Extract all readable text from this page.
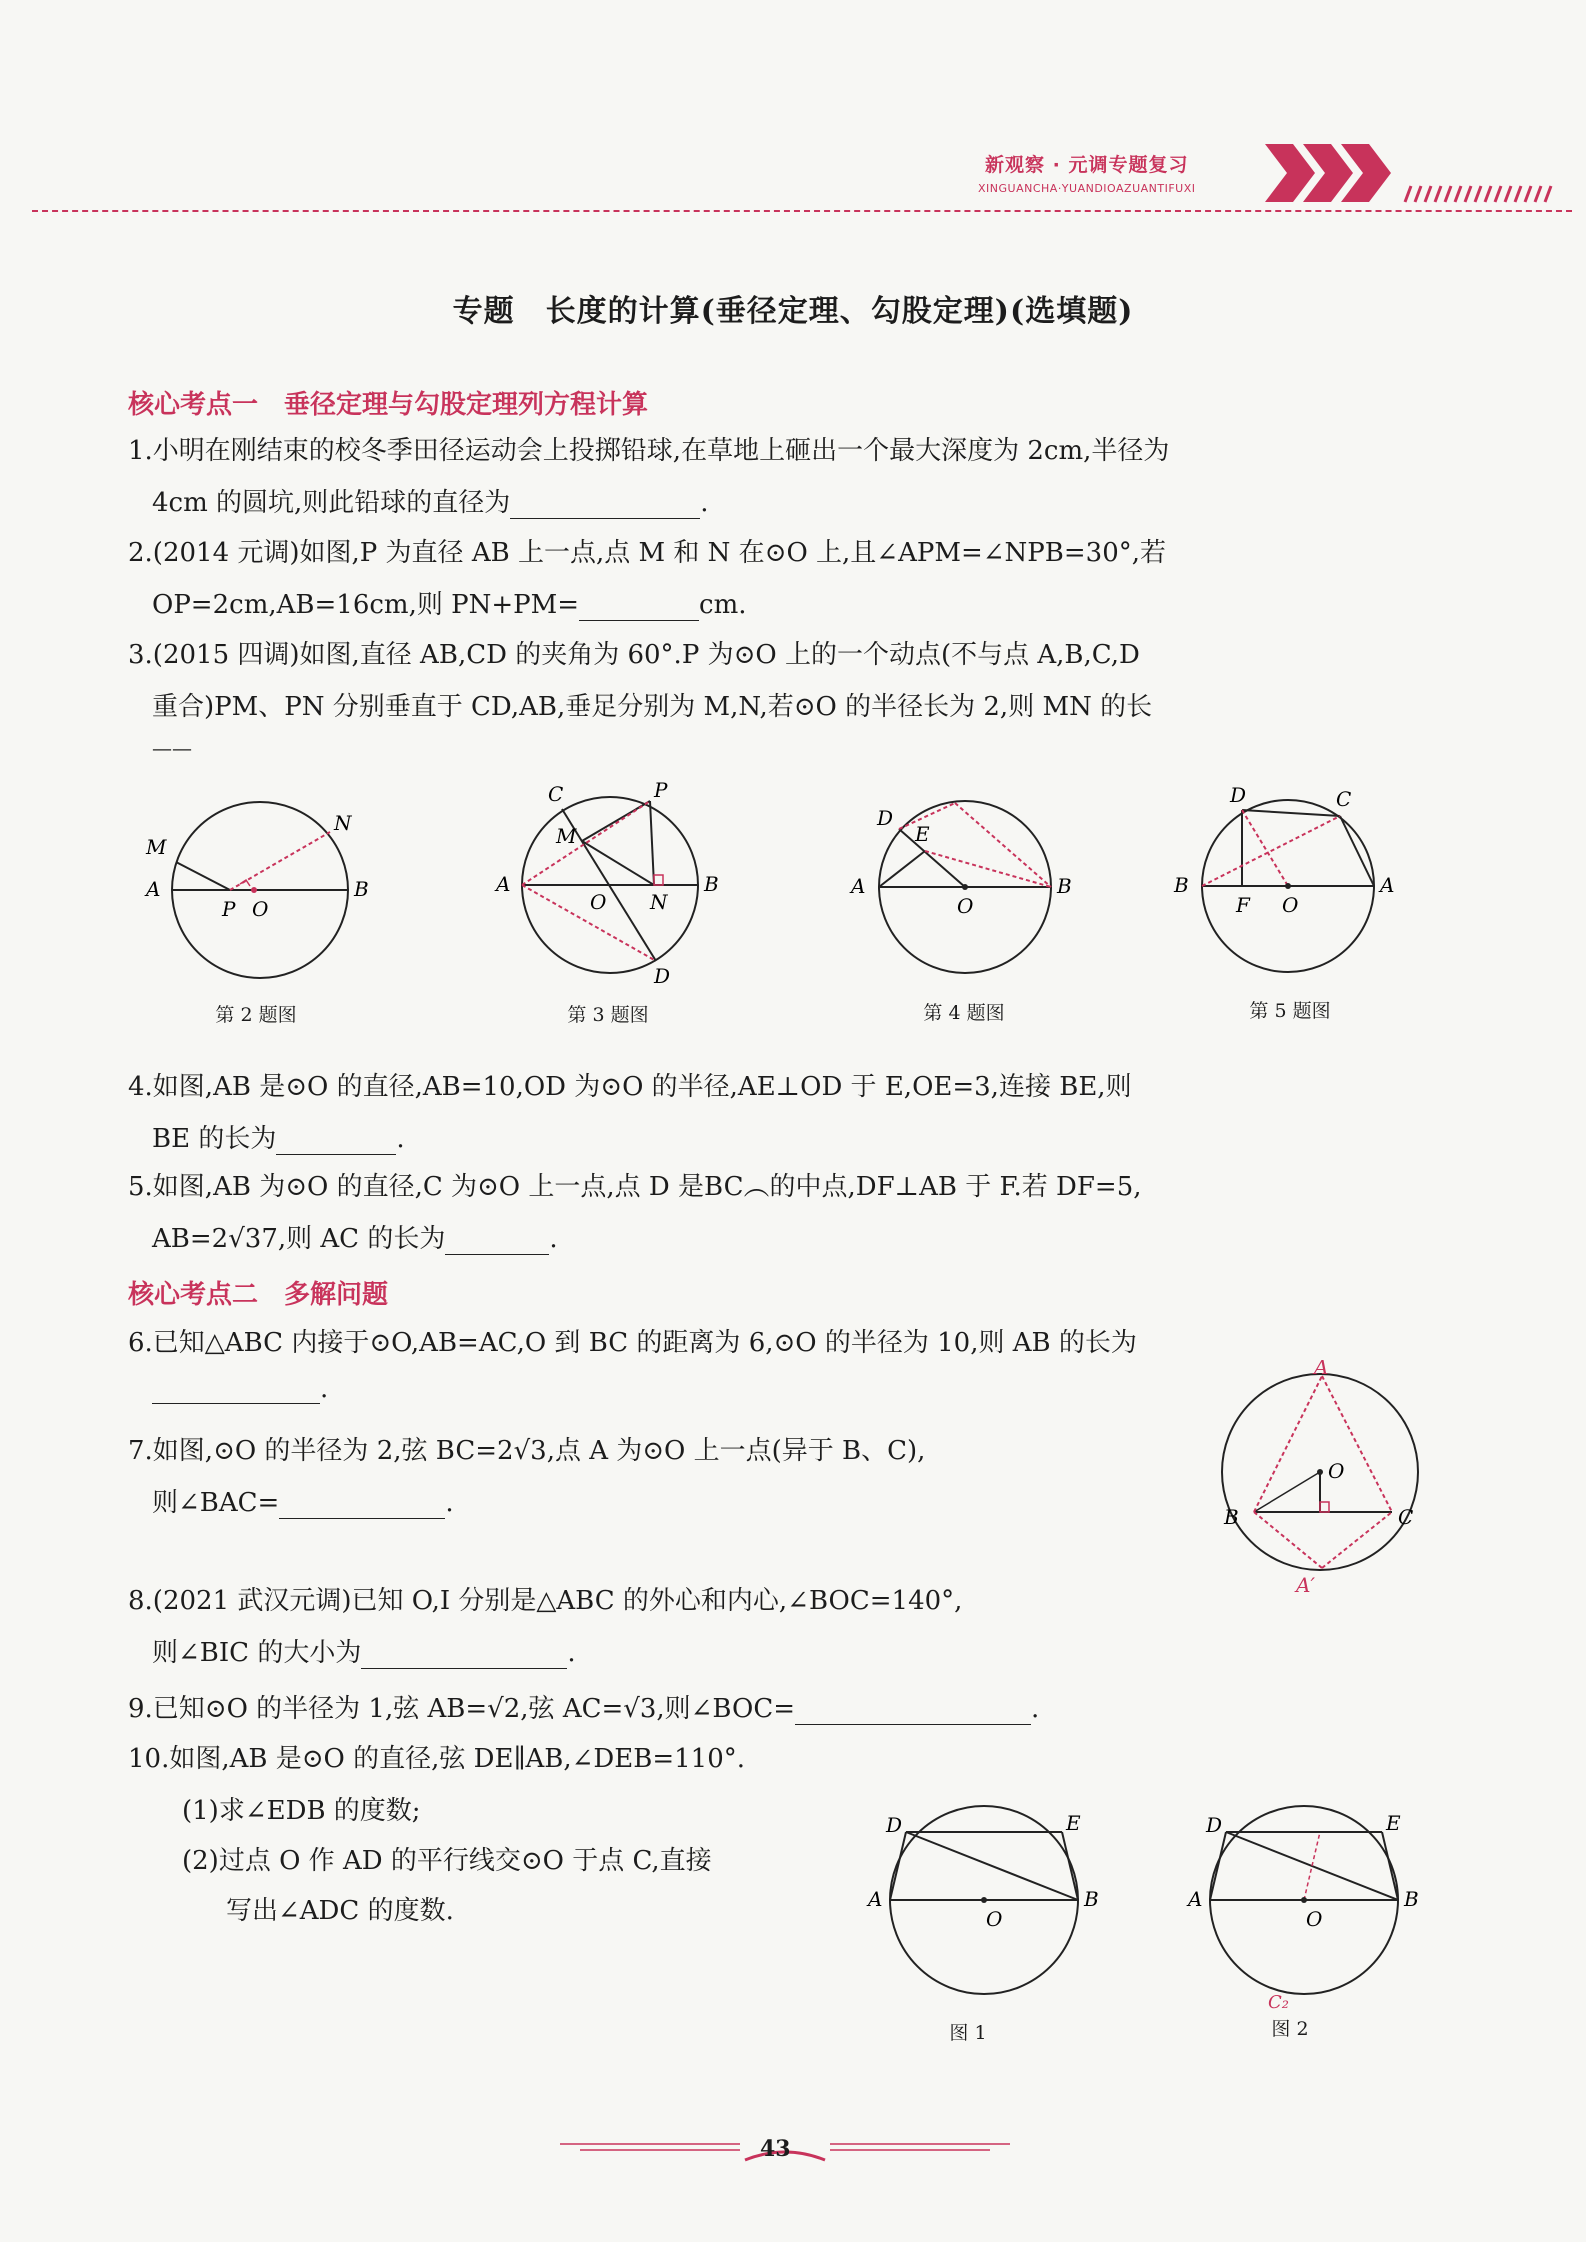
新观察 · 元调专题复习
XINGUANCHA·YUANDIOAZUANTIFUXI
专题　长度的计算(垂径定理、勾股定理)(选填题)
核心考点一　垂径定理与勾股定理列方程计算
1.小明在刚结束的校冬季田径运动会上投掷铅球,在草地上砸出一个最大深度为 2cm,半径为
4cm 的圆坑,则此铅球的直径为	.
2.(2014 元调)如图,P 为直径 AB 上一点,点 M 和 N 在⊙O 上,且∠APM=∠NPB=30°,若
OP=2cm,AB=16cm,则 PN+PM=	cm.
3.(2015 四调)如图,直径 AB,CD 的夹角为 60°.P 为⊙O 上的一个动点(不与点 A,B,C,D
重合)PM、PN 分别垂直于 CD,AB,垂足分别为 M,N,若⊙O 的半径长为 2,则 MN 的长
——
M
N
A	B
P O
C	P
M
A
O N
B
D
D
E
A
O
B
D	C
B
F O
A
第 2 题图	第 3 题图	第 4 题图	第 5 题图
4.如图,AB 是⊙O 的直径,AB=10,OD 为⊙O 的半径,AE⊥OD 于 E,OE=3,连接 BE,则
BE 的长为	.
5.如图,AB 为⊙O 的直径,C 为⊙O 上一点,点 D 是BC︵的中点,DF⊥AB 于 F.若 DF=5,
AB=2√37,则 AC 的长为	.
核心考点二　多解问题
6.已知△ABC 内接于⊙O,AB=AC,O 到 BC 的距离为 6,⊙O 的半径为 10,则 AB 的长为
.
7.如图,⊙O 的半径为 2,弦 BC=2√3,点 A 为⊙O 上一点(异于 B、C),
则∠BAC=	.
A
O
B	C
A′
8.(2021 武汉元调)已知 O,I 分别是△ABC 的外心和内心,∠BOC=140°,
则∠BIC 的大小为	.
9.已知⊙O 的半径为 1,弦 AB=√2,弦 AC=√3,则∠BOC=	.
10.如图,AB 是⊙O 的直径,弦 DE∥AB,∠DEB=110°.
(1)求∠EDB 的度数;
(2)过点 O 作 AD 的平行线交⊙O 于点 C,直接
写出∠ADC 的度数.
D	E
A
O
B
D	E
A
O
B
C₂
图 1	图 2
43
